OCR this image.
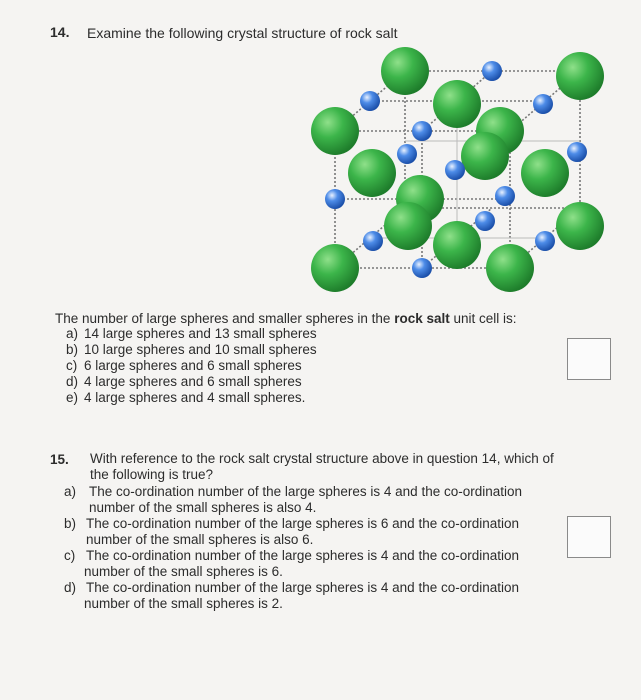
14. Examine the following crystal structure of rock salt
The number of large spheres and smaller spheres in the rock salt unit cell is:
a) 14 large spheres and 13 small spheres
b) 10 large spheres and 10 small spheres
c) 6 large spheres and 6 small spheres
d) 4 large spheres and 6 small spheres
e) 4 large spheres and 4 small spheres.
15. With reference to the rock salt crystal structure above in question 14, which of
the following is true?
a) The co-ordination number of the large spheres is 4 and the co-ordination
number of the small spheres is also 4.
b) The co-ordination number of the large spheres is 6 and the co-ordination
number of the small spheres is also 6.
c) The co-ordination number of the large spheres is 4 and the co-ordination
number of the small spheres is 6.
d) The co-ordination number of the large spheres is 4 and the co-ordination
number of the small spheres is 2.
